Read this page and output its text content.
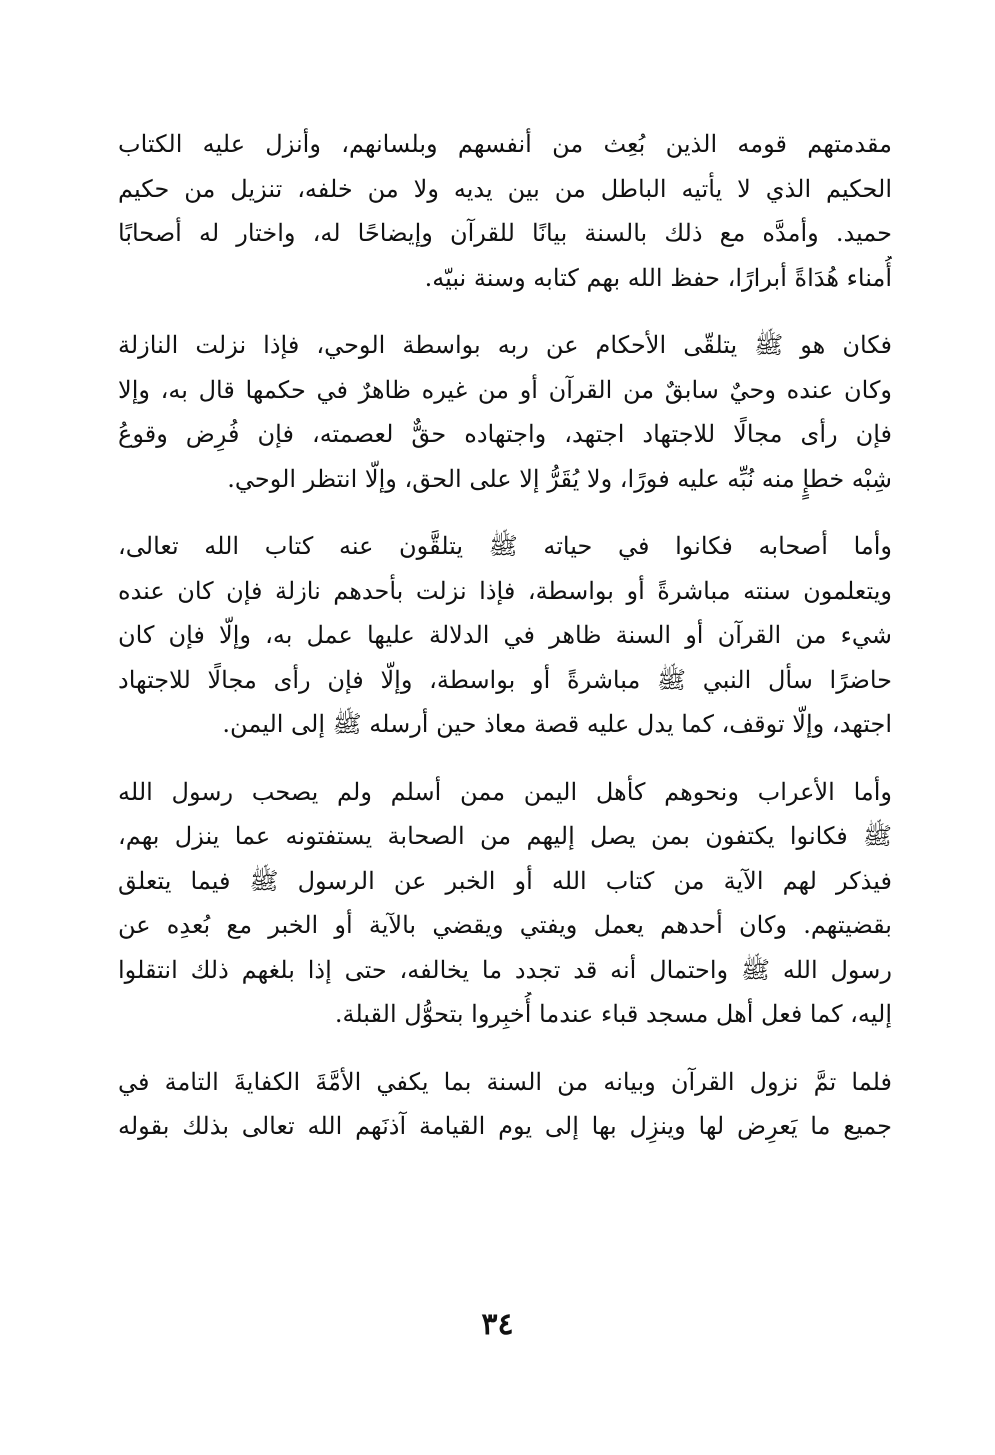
مقدمتهم قومه الذين بُعِث من أنفسهم وبلسانهم، وأنزل عليه الكتاب
الحكيم الذي لا يأتيه الباطل من بين يديه ولا من خلفه، تنزيل من حكيم
حميد. وأمدَّه مع ذلك بالسنة بيانًا للقرآن وإيضاحًا له، واختار له أصحابًا
أُمناء هُدَاةً أبرارًا، حفظ الله بهم كتابه وسنة نبيّه.
فكان هو ﷺ يتلقّى الأحكام عن ربه بواسطة الوحي، فإذا نزلت النازلة
وكان عنده وحيٌ سابقٌ من القرآن أو من غيره ظاهرٌ في حكمها قال به، وإلا
فإن رأى مجالًا للاجتهاد اجتهد، واجتهاده حقٌّ لعصمته، فإن فُرِض وقوعُ
شِبْه خطإٍ منه نُبِّه عليه فورًا، ولا يُقَرُّ إلا على الحق، وإلّا انتظر الوحي.
وأما أصحابه فكانوا في حياته ﷺ يتلقَّون عنه كتاب الله تعالى،
ويتعلمون سنته مباشرةً أو بواسطة، فإذا نزلت بأحدهم نازلة فإن كان عنده
شيء من القرآن أو السنة ظاهر في الدلالة عليها عمل به، وإلّا فإن كان
حاضرًا سأل النبي ﷺ مباشرةً أو بواسطة، وإلّا فإن رأى مجالًا للاجتهاد
اجتهد، وإلّا توقف، كما يدل عليه قصة معاذ حين أرسله ﷺ إلى اليمن.
وأما الأعراب ونحوهم كأهل اليمن ممن أسلم ولم يصحب رسول الله
ﷺ فكانوا يكتفون بمن يصل إليهم من الصحابة يستفتونه عما ينزل بهم،
فيذكر لهم الآية من كتاب الله أو الخبر عن الرسول ﷺ فيما يتعلق
بقضيتهم. وكان أحدهم يعمل ويفتي ويقضي بالآية أو الخبر مع بُعدِه عن
رسول الله ﷺ واحتمال أنه قد تجدد ما يخالفه، حتى إذا بلغهم ذلك انتقلوا
إليه، كما فعل أهل مسجد قباء عندما أُخبِروا بتحوُّل القبلة.
فلما تمَّ نزول القرآن وبيانه من السنة بما يكفي الأمَّةَ الكفايةَ التامة في
جميع ما يَعرِض لها وينزِل بها إلى يوم القيامة آذنَهم الله تعالى بذلك بقوله
٣٤
